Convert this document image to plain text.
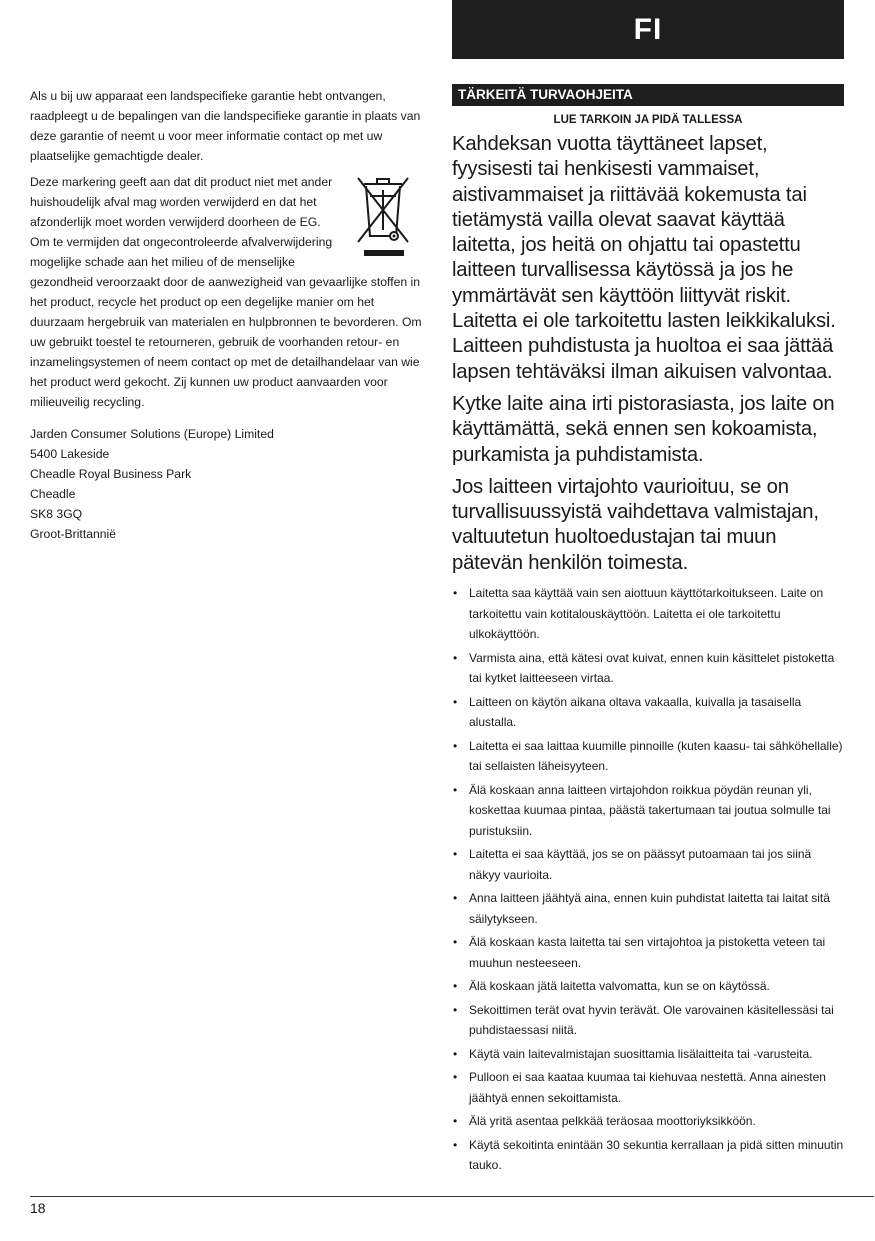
FI

Als u bij uw apparaat een landspecifieke garantie hebt ontvangen, raadpleegt u de bepalingen van die landspecifieke garantie in plaats van deze garantie of neemt u voor meer informatie contact op met uw plaatselijke gemachtigde dealer.

Deze markering geeft aan dat dit product niet met ander huishoudelijk afval mag worden verwijderd en dat het afzonderlijk moet worden verwijderd doorheen de EG. Om te vermijden dat ongecontroleerde afvalverwijdering mogelijke schade aan het milieu of de menselijke gezondheid veroorzaakt door de aanwezigheid van gevaarlijke stoffen in het product, recycle het product op een degelijke manier om het duurzaam hergebruik van materialen en hulpbronnen te bevorderen. Om uw gebruikt toestel te retourneren, gebruik de voorhanden retour- en inzamelingsystemen of neem contact op met de detailhandelaar van wie het product werd gekocht. Zij kunnen uw product aanvaarden voor milieuveilig recycling.

Jarden Consumer Solutions (Europe) Limited
5400 Lakeside
Cheadle Royal Business Park
Cheadle
SK8 3GQ
Groot-Brittannië
TÄRKEITÄ TURVAOHJEITA
LUE TARKOIN JA PIDÄ TALLESSA

Kahdeksan vuotta täyttäneet lapset, fyysisesti tai henkisesti vammaiset, aistivammaiset ja riittävää kokemusta tai tietämystä vailla olevat saavat käyttää laitetta, jos heitä on ohjattu tai opastettu laitteen turvallisessa käytössä ja jos he ymmärtävät sen käyttöön liittyvät riskit. Laitetta ei ole tarkoitettu lasten leikkikaluksi. Laitteen puhdistusta ja huoltoa ei saa jättää lapsen tehtäväksi ilman aikuisen valvontaa.

Kytke laite aina irti pistorasiasta, jos laite on käyttämättä, sekä ennen sen kokoamista, purkamista ja puhdistamista.

Jos laitteen virtajohto vaurioituu, se on turvallisuussyistä vaihdettava valmistajan, valtuutetun huoltoedustajan tai muun pätevän henkilön toimesta.

• Laitetta saa käyttää vain sen aiottuun käyttötarkoitukseen. Laite on tarkoitettu vain kotitalouskäyttöön. Laitetta ei ole tarkoitettu ulkokäyttöön.
• Varmista aina, että kätesi ovat kuivat, ennen kuin käsittelet pistoketta tai kytket laitteeseen virtaa.
• Laitteen on käytön aikana oltava vakaalla, kuivalla ja tasaisella alustalla.
• Laitetta ei saa laittaa kuumille pinnoille (kuten kaasu- tai sähköhellalle) tai sellaisten läheisyyteen.
• Älä koskaan anna laitteen virtajohdon roikkua pöydän reunan yli, koskettaa kuumaa pintaa, päästä takertumaan tai joutua solmulle tai puristuksiin.
• Laitetta ei saa käyttää, jos se on päässyt putoamaan tai jos siinä näkyy vaurioita.
• Anna laitteen jäähtyä aina, ennen kuin puhdistat laitetta tai laitat sitä säilytykseen.
• Älä koskaan kasta laitetta tai sen virtajohtoa ja pistoketta veteen tai muuhun nesteeseen.
• Älä koskaan jätä laitetta valvomatta, kun se on käytössä.
• Sekoittimen terät ovat hyvin terävät. Ole varovainen käsitellessäsi tai puhdistaessasi niitä.
• Käytä vain laitevalmistajan suosittamia lisälaitteita tai -varusteita.
• Pulloon ei saa kaataa kuumaa tai kiehuvaa nestettä. Anna ainesten jäähtyä ennen sekoittamista.
• Älä yritä asentaa pelkkää teräosaa moottoriyksikköön.
• Käytä sekoitinta enintään 30 sekuntia kerrallaan ja pidä sitten minuutin tauko.
18
